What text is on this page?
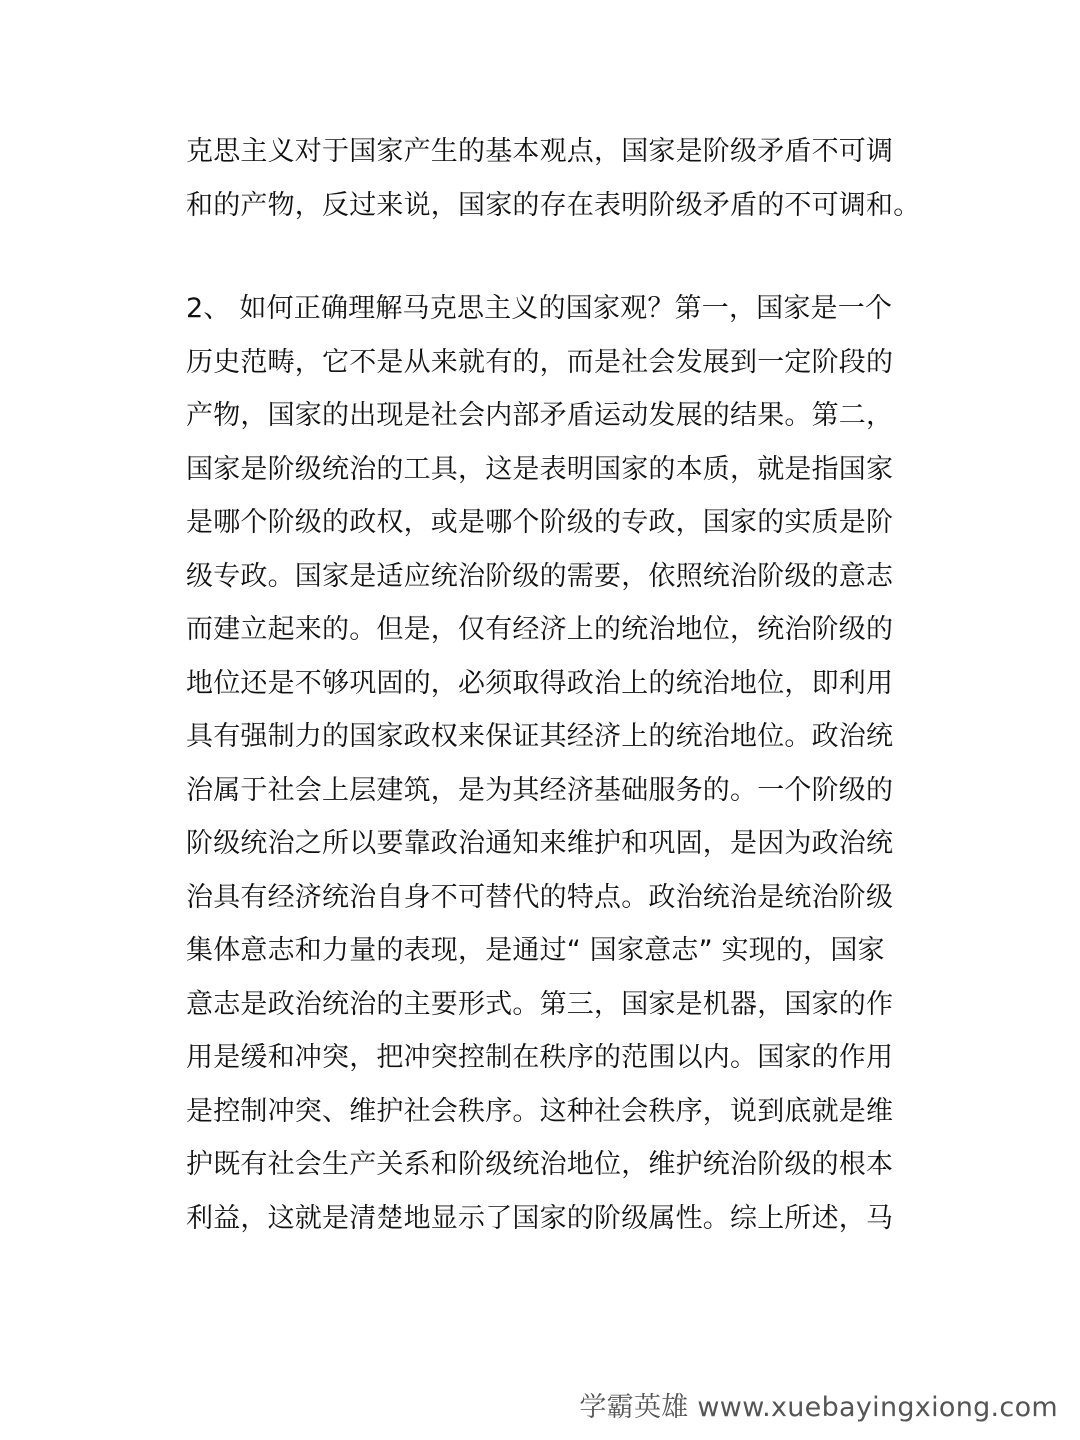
克思主义对于国家产生的基本观点，国家是阶级矛盾不可调
和的产物，反过来说，国家的存在表明阶级矛盾的不可调和。
2、 如何正确理解马克思主义的国家观？第一，国家是一个
历史范畴，它不是从来就有的，而是社会发展到一定阶段的
产物，国家的出现是社会内部矛盾运动发展的结果。第二，
国家是阶级统治的工具，这是表明国家的本质，就是指国家
是哪个阶级的政权，或是哪个阶级的专政，国家的实质是阶
级专政。国家是适应统治阶级的需要，依照统治阶级的意志
而建立起来的。但是，仅有经济上的统治地位，统治阶级的
地位还是不够巩固的，必须取得政治上的统治地位，即利用
具有强制力的国家政权来保证其经济上的统治地位。政治统
治属于社会上层建筑，是为其经济基础服务的。一个阶级的
阶级统治之所以要靠政治通知来维护和巩固，是因为政治统
治具有经济统治自身不可替代的特点。政治统治是统治阶级
集体意志和力量的表现，是通过“ 国家意志” 实现的，国家
意志是政治统治的主要形式。第三，国家是机器，国家的作
用是缓和冲突，把冲突控制在秩序的范围以内。国家的作用
是控制冲突、维护社会秩序。这种社会秩序，说到底就是维
护既有社会生产关系和阶级统治地位，维护统治阶级的根本
利益，这就是清楚地显示了国家的阶级属性。综上所述，马
学霸英雄 www.xuebayingxiong.com
